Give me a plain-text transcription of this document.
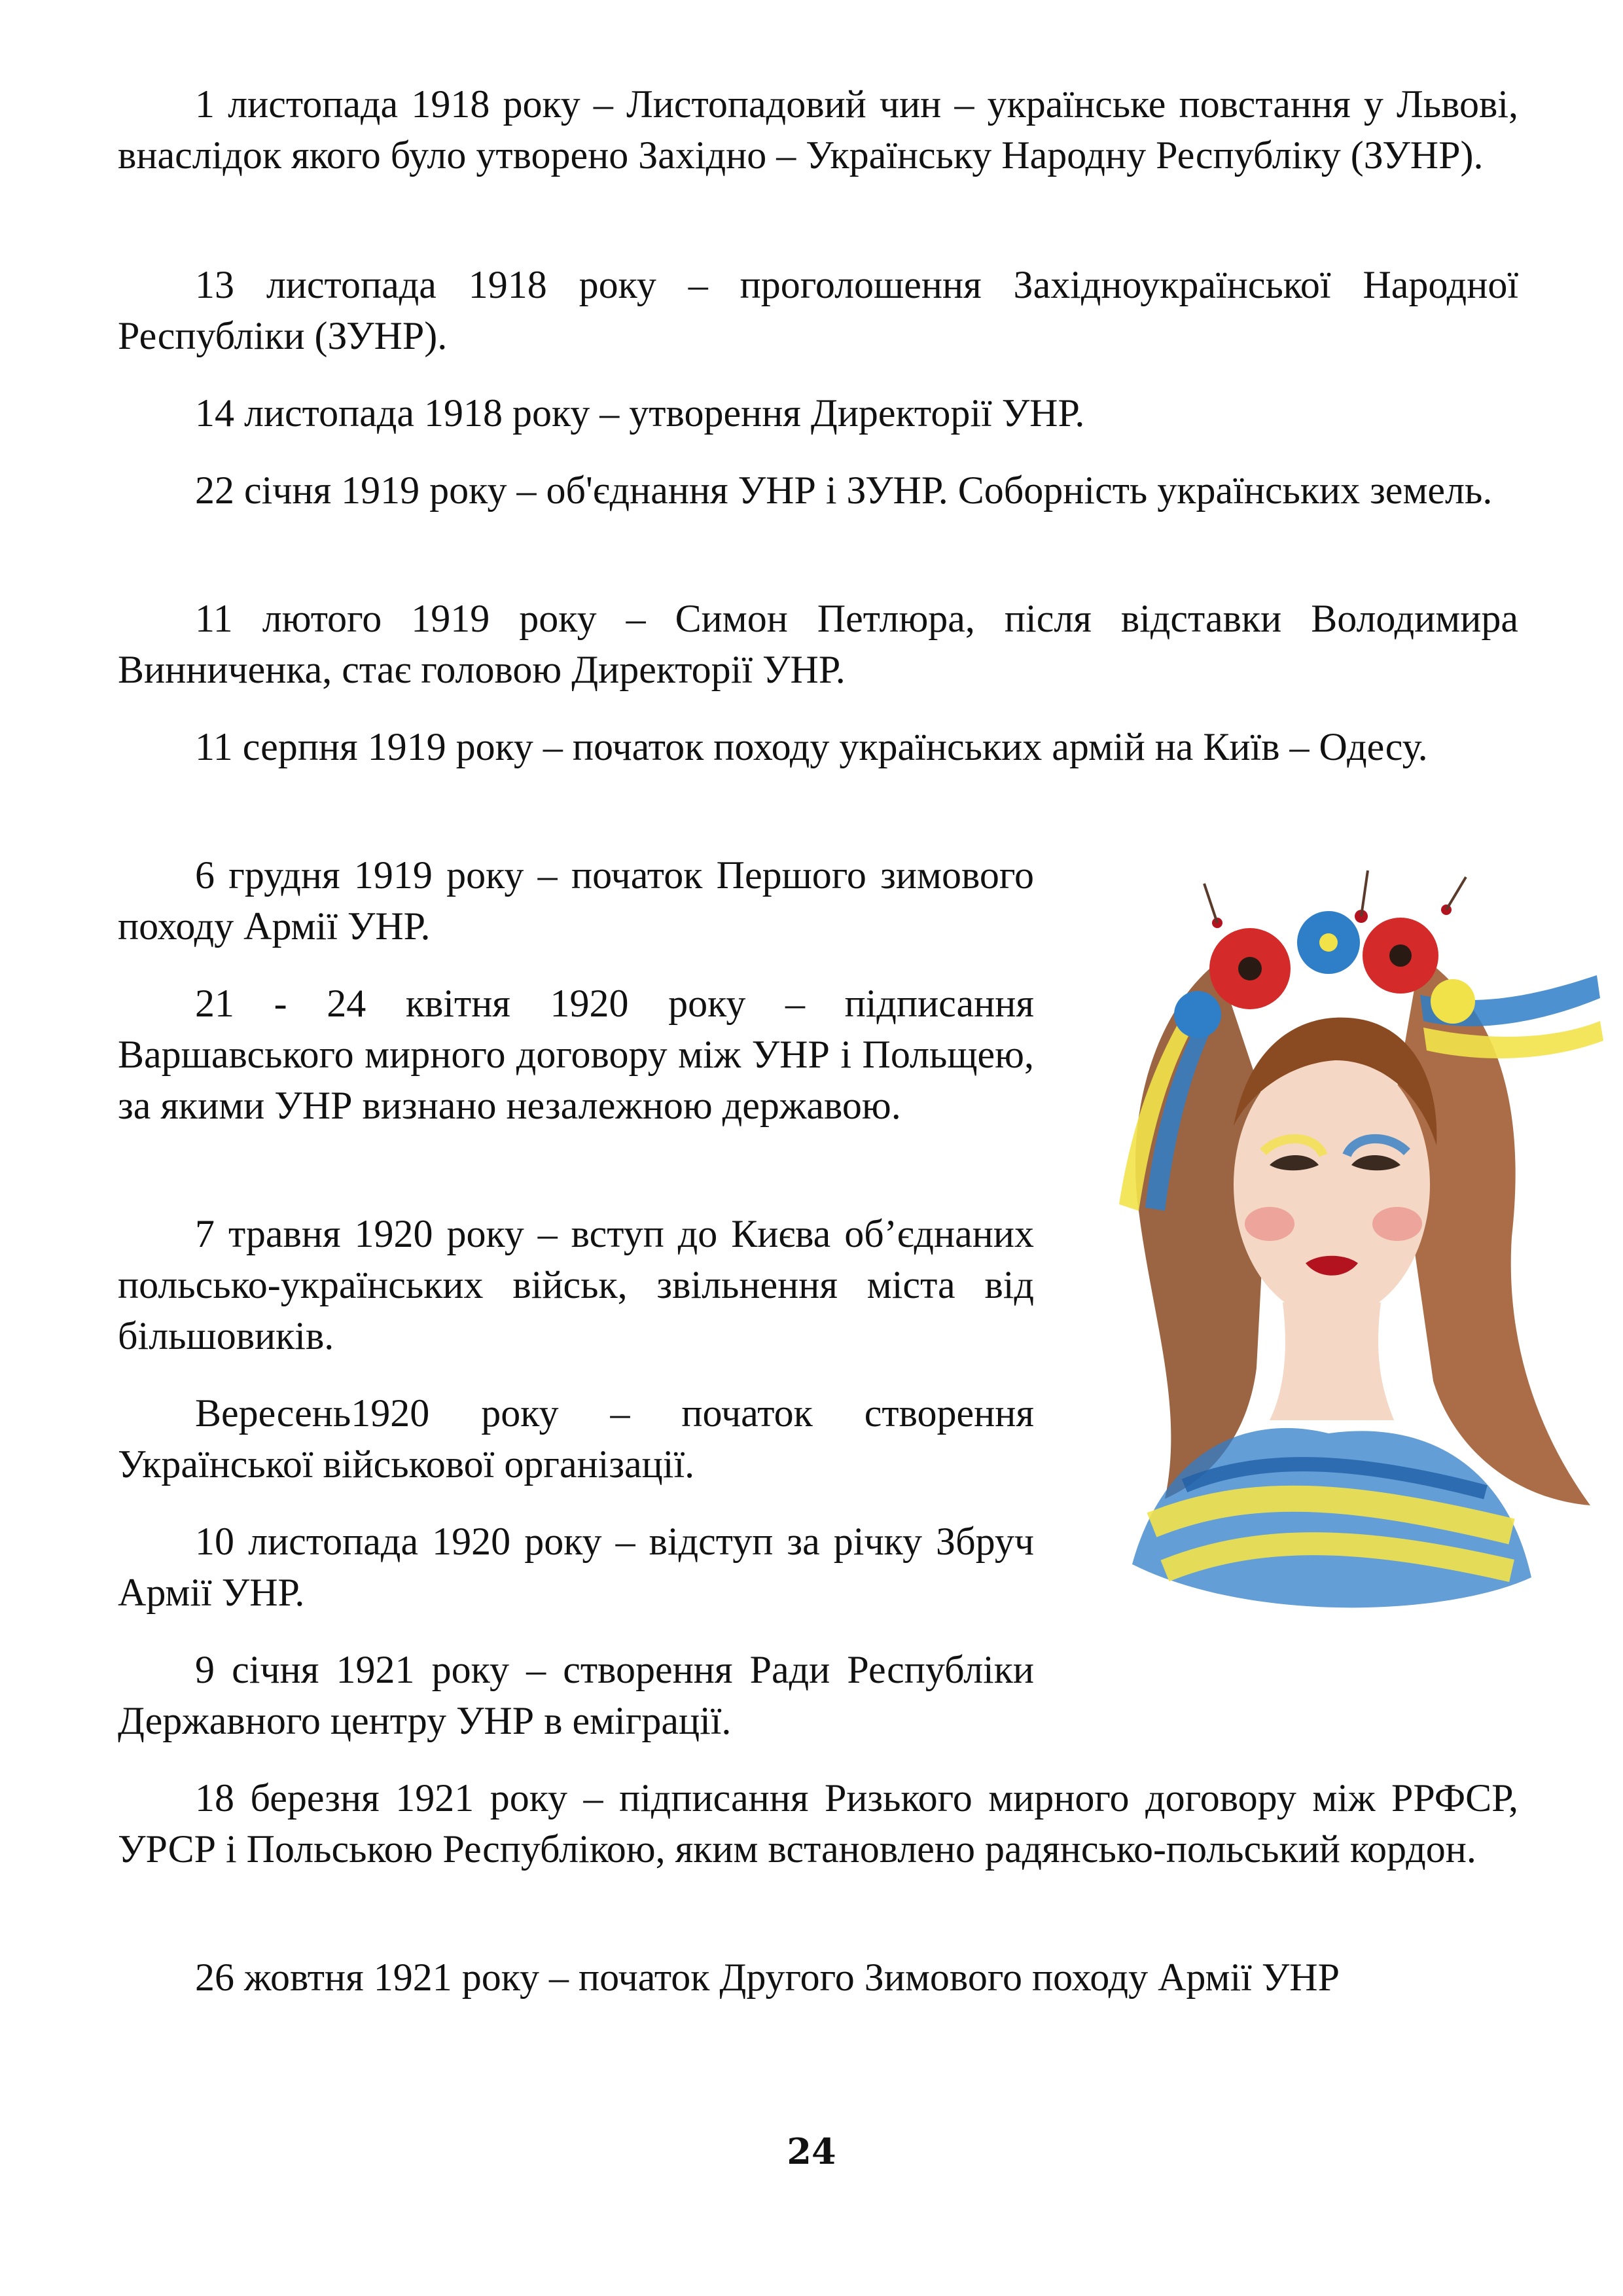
1 листопада 1918 року – Листопадовий чин – українське повстання у Львові, внаслідок якого було утворено Західно – Українську Народну Республіку (ЗУНР).

13 листопада 1918 року – проголошення Західноукраїнської Народної Республіки (ЗУНР).

14 листопада 1918 року – утворення Директорії УНР.

22 січня 1919 року – об'єднання УНР і ЗУНР. Соборність українських земель.

11 лютого 1919 року – Симон Петлюра, після відставки Володимира Винниченка, стає головою Директорії УНР.

11 серпня 1919 року – початок походу українських армій на Київ – Одесу.

6 грудня 1919 року – початок Першого зимового походу Армії УНР.

21 - 24 квітня 1920 року – підписання Варшавського мирного договору між УНР і Польщею, за якими УНР визнано незалежною державою.

7 травня 1920 року – вступ до Києва об’єднаних польсько-українських військ, звільнення міста від більшовиків.

Вересень1920 року – початок створення Української військової організації.

10 листопада 1920 року – відступ за річку Збруч Армії УНР.

9 січня 1921 року – створення Ради Республіки Державного центру УНР в еміграції.

18 березня 1921 року – підписання Ризького мирного договору між РРФСР, УРСР і Польською Республікою, яким встановлено радянсько-польський кордон.

26 жовтня 1921 року – початок Другого Зимового походу Армії УНР

24
